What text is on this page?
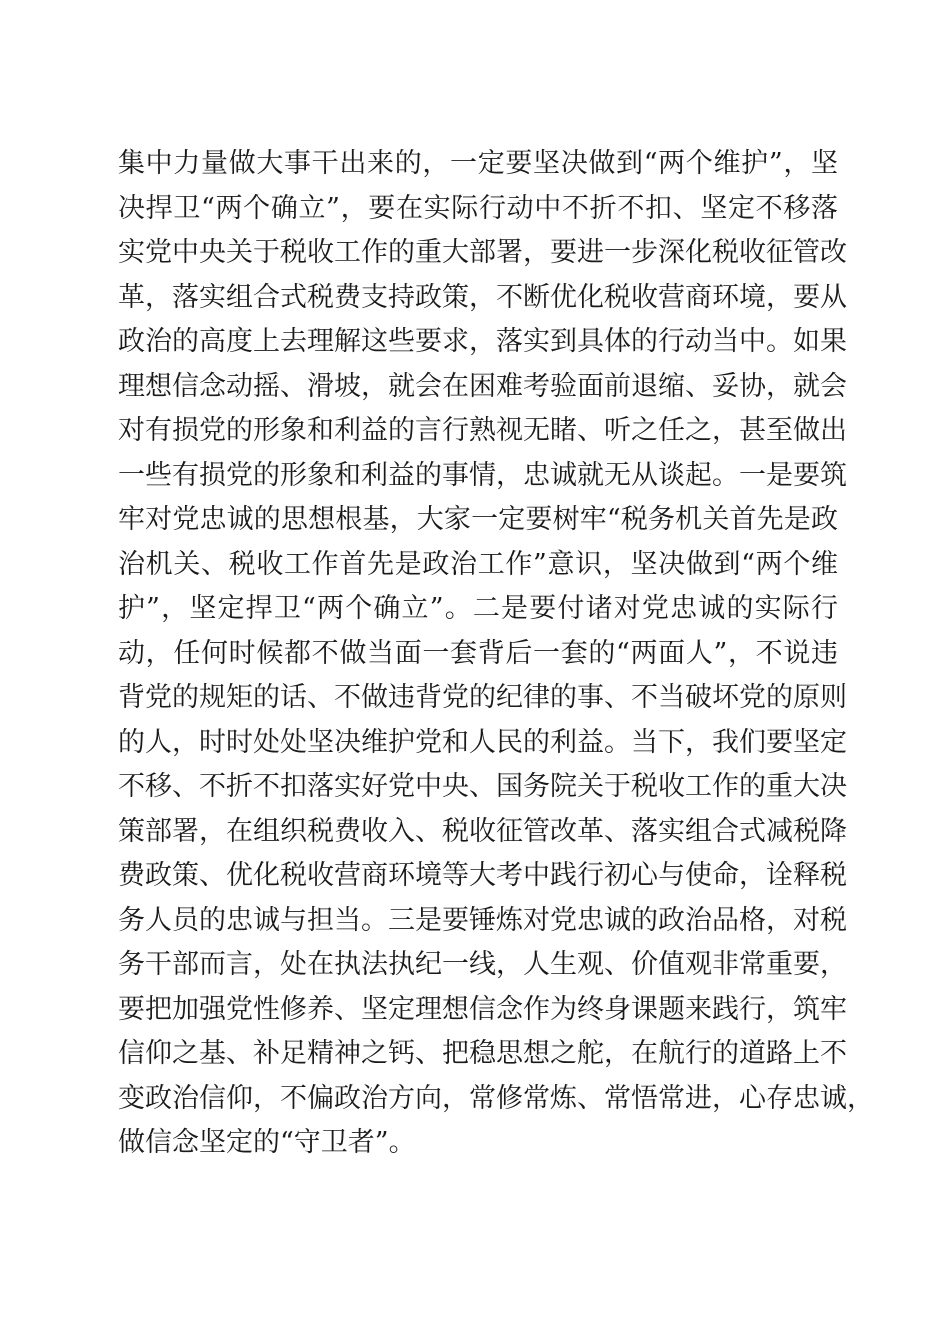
集中力量做大事干出来的，一定要坚决做到“两个维护”，坚
决捍卫“两个确立”，要在实际行动中不折不扣、坚定不移落
实党中央关于税收工作的重大部署，要进一步深化税收征管改
革，落实组合式税费支持政策，不断优化税收营商环境，要从
政治的高度上去理解这些要求，落实到具体的行动当中。如果
理想信念动摇、滑坡，就会在困难考验面前退缩、妥协，就会
对有损党的形象和利益的言行熟视无睹、听之任之，甚至做出
一些有损党的形象和利益的事情，忠诚就无从谈起。一是要筑
牢对党忠诚的思想根基，大家一定要树牢“税务机关首先是政
治机关、税收工作首先是政治工作”意识，坚决做到“两个维
护”，坚定捍卫“两个确立”。二是要付诸对党忠诚的实际行
动，任何时候都不做当面一套背后一套的“两面人”，不说违
背党的规矩的话、不做违背党的纪律的事、不当破坏党的原则
的人，时时处处坚决维护党和人民的利益。当下，我们要坚定
不移、不折不扣落实好党中央、国务院关于税收工作的重大决
策部署，在组织税费收入、税收征管改革、落实组合式减税降
费政策、优化税收营商环境等大考中践行初心与使命，诠释税
务人员的忠诚与担当。三是要锤炼对党忠诚的政治品格，对税
务干部而言，处在执法执纪一线，人生观、价值观非常重要，
要把加强党性修养、坚定理想信念作为终身课题来践行，筑牢
信仰之基、补足精神之钙、把稳思想之舵，在航行的道路上不
变政治信仰，不偏政治方向，常修常炼、常悟常进，心存忠诚，
做信念坚定的“守卫者”。
